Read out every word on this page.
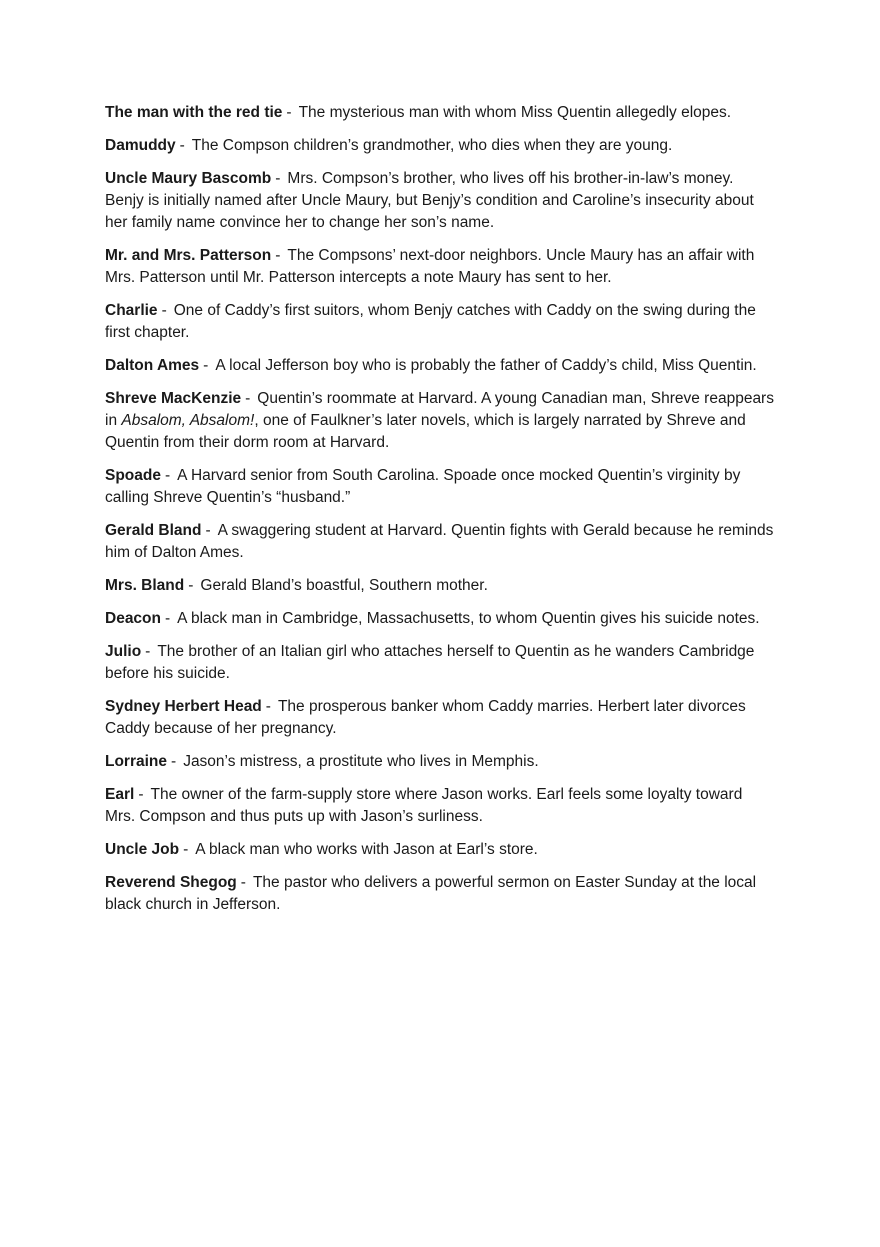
The man with the red tie - The mysterious man with whom Miss Quentin allegedly elopes.

Damuddy - The Compson children’s grandmother, who dies when they are young.

Uncle Maury Bascomb - Mrs. Compson’s brother, who lives off his brother-in-law’s money. Benjy is initially named after Uncle Maury, but Benjy’s condition and Caroline’s insecurity about her family name convince her to change her son’s name.

Mr. and Mrs. Patterson - The Compsons’ next-door neighbors. Uncle Maury has an affair with Mrs. Patterson until Mr. Patterson intercepts a note Maury has sent to her.

Charlie - One of Caddy’s first suitors, whom Benjy catches with Caddy on the swing during the first chapter.

Dalton Ames - A local Jefferson boy who is probably the father of Caddy’s child, Miss Quentin.

Shreve MacKenzie - Quentin’s roommate at Harvard. A young Canadian man, Shreve reappears in Absalom, Absalom!, one of Faulkner’s later novels, which is largely narrated by Shreve and Quentin from their dorm room at Harvard.

Spoade - A Harvard senior from South Carolina. Spoade once mocked Quentin’s virginity by calling Shreve Quentin’s “husband.”

Gerald Bland - A swaggering student at Harvard. Quentin fights with Gerald because he reminds him of Dalton Ames.

Mrs. Bland - Gerald Bland’s boastful, Southern mother.

Deacon - A black man in Cambridge, Massachusetts, to whom Quentin gives his suicide notes.

Julio - The brother of an Italian girl who attaches herself to Quentin as he wanders Cambridge before his suicide.

Sydney Herbert Head - The prosperous banker whom Caddy marries. Herbert later divorces Caddy because of her pregnancy.

Lorraine - Jason’s mistress, a prostitute who lives in Memphis.

Earl - The owner of the farm-supply store where Jason works. Earl feels some loyalty toward Mrs. Compson and thus puts up with Jason’s surliness.

Uncle Job - A black man who works with Jason at Earl’s store.

Reverend Shegog - The pastor who delivers a powerful sermon on Easter Sunday at the local black church in Jefferson.
